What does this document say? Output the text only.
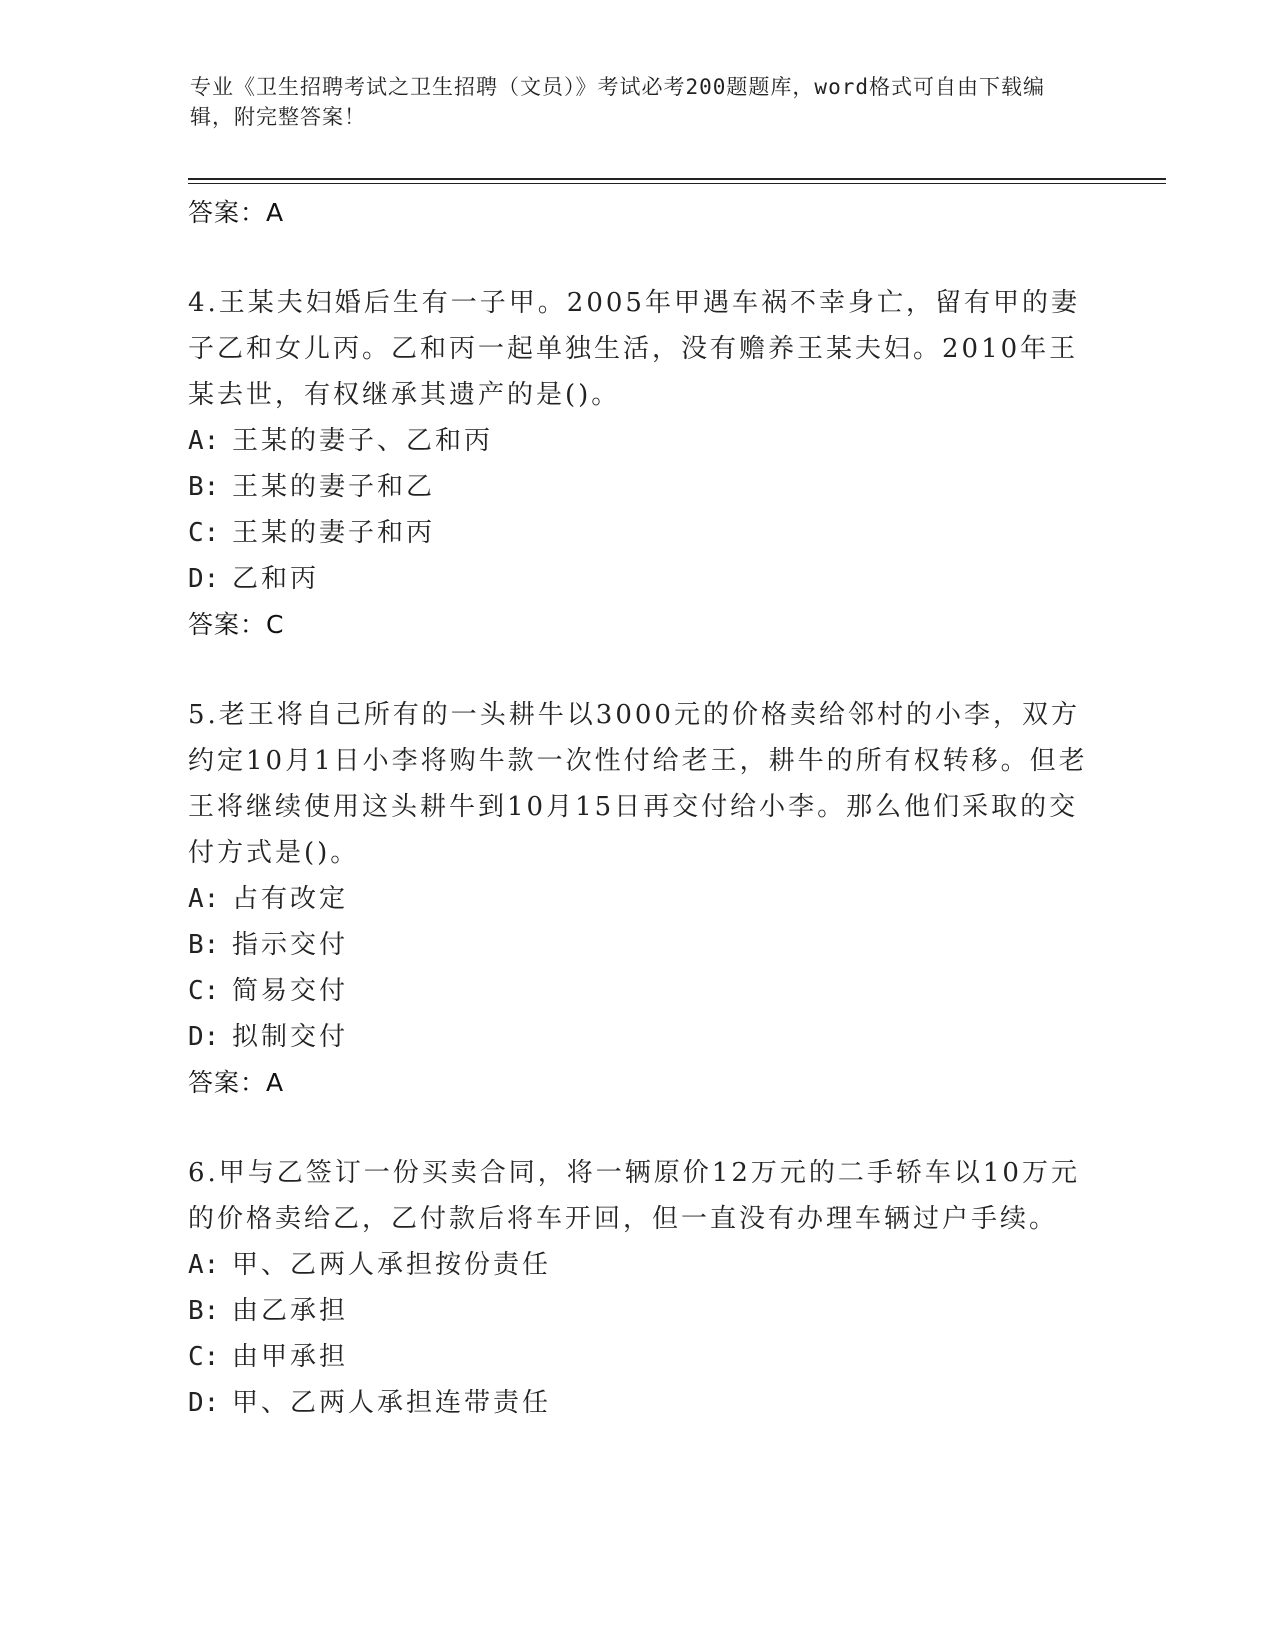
专业《卫生招聘考试之卫生招聘（文员）》考试必考200题题库，word格式可自由下载编辑，附完整答案！
答案：A
4.王某夫妇婚后生有一子甲。2005年甲遇车祸不幸身亡，留有甲的妻子乙和女儿丙。乙和丙一起单独生活，没有赡养王某夫妇。2010年王某去世，有权继承其遗产的是()。
A: 王某的妻子、乙和丙
B: 王某的妻子和乙
C: 王某的妻子和丙
D: 乙和丙
答案：C
5.老王将自己所有的一头耕牛以3000元的价格卖给邻村的小李，双方约定10月1日小李将购牛款一次性付给老王，耕牛的所有权转移。但老王将继续使用这头耕牛到10月15日再交付给小李。那么他们采取的交付方式是()。
A: 占有改定
B: 指示交付
C: 简易交付
D: 拟制交付
答案：A
6.甲与乙签订一份买卖合同，将一辆原价12万元的二手轿车以10万元的价格卖给乙，乙付款后将车开回，但一直没有办理车辆过户手续。
A: 甲、乙两人承担按份责任
B: 由乙承担
C: 由甲承担
D: 甲、乙两人承担连带责任
